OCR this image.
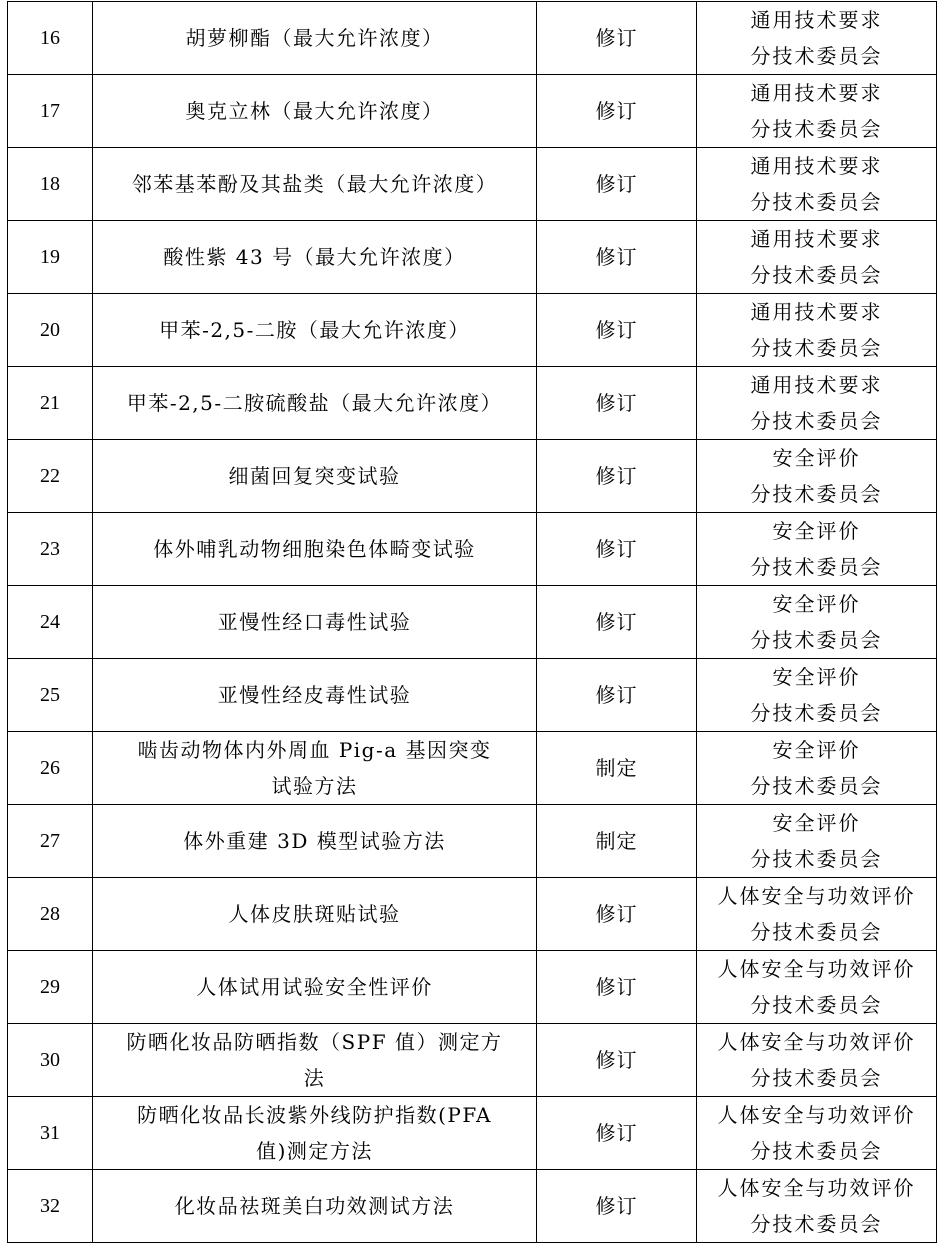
16	胡萝柳酯（最大允许浓度）	修订	通用技术要求
分技术委员会

17	奥克立林（最大允许浓度）	修订	通用技术要求
分技术委员会

18	邻苯基苯酚及其盐类（最大允许浓度）	修订	通用技术要求
分技术委员会

19	酸性紫 43 号（最大允许浓度）	修订	通用技术要求
分技术委员会

20	甲苯-2,5-二胺（最大允许浓度）	修订	通用技术要求
分技术委员会

21	甲苯-2,5-二胺硫酸盐（最大允许浓度）	修订	通用技术要求
分技术委员会

22	细菌回复突变试验	修订	安全评价
分技术委员会

23	体外哺乳动物细胞染色体畸变试验	修订	安全评价
分技术委员会

24	亚慢性经口毒性试验	修订	安全评价
分技术委员会

25	亚慢性经皮毒性试验	修订	安全评价
分技术委员会

26	啮齿动物体内外周血 Pig-a 基因突变
试验方法	制定	安全评价
分技术委员会

27	体外重建 3D 模型试验方法	制定	安全评价
分技术委员会

28	人体皮肤斑贴试验	修订	人体安全与功效评价
分技术委员会

29	人体试用试验安全性评价	修订	人体安全与功效评价
分技术委员会

30	防晒化妆品防晒指数（SPF 值）测定方
法	修订	人体安全与功效评价
分技术委员会

31	防晒化妆品长波紫外线防护指数(PFA
值)测定方法	修订	人体安全与功效评价
分技术委员会

32	化妆品祛斑美白功效测试方法	修订	人体安全与功效评价
分技术委员会
